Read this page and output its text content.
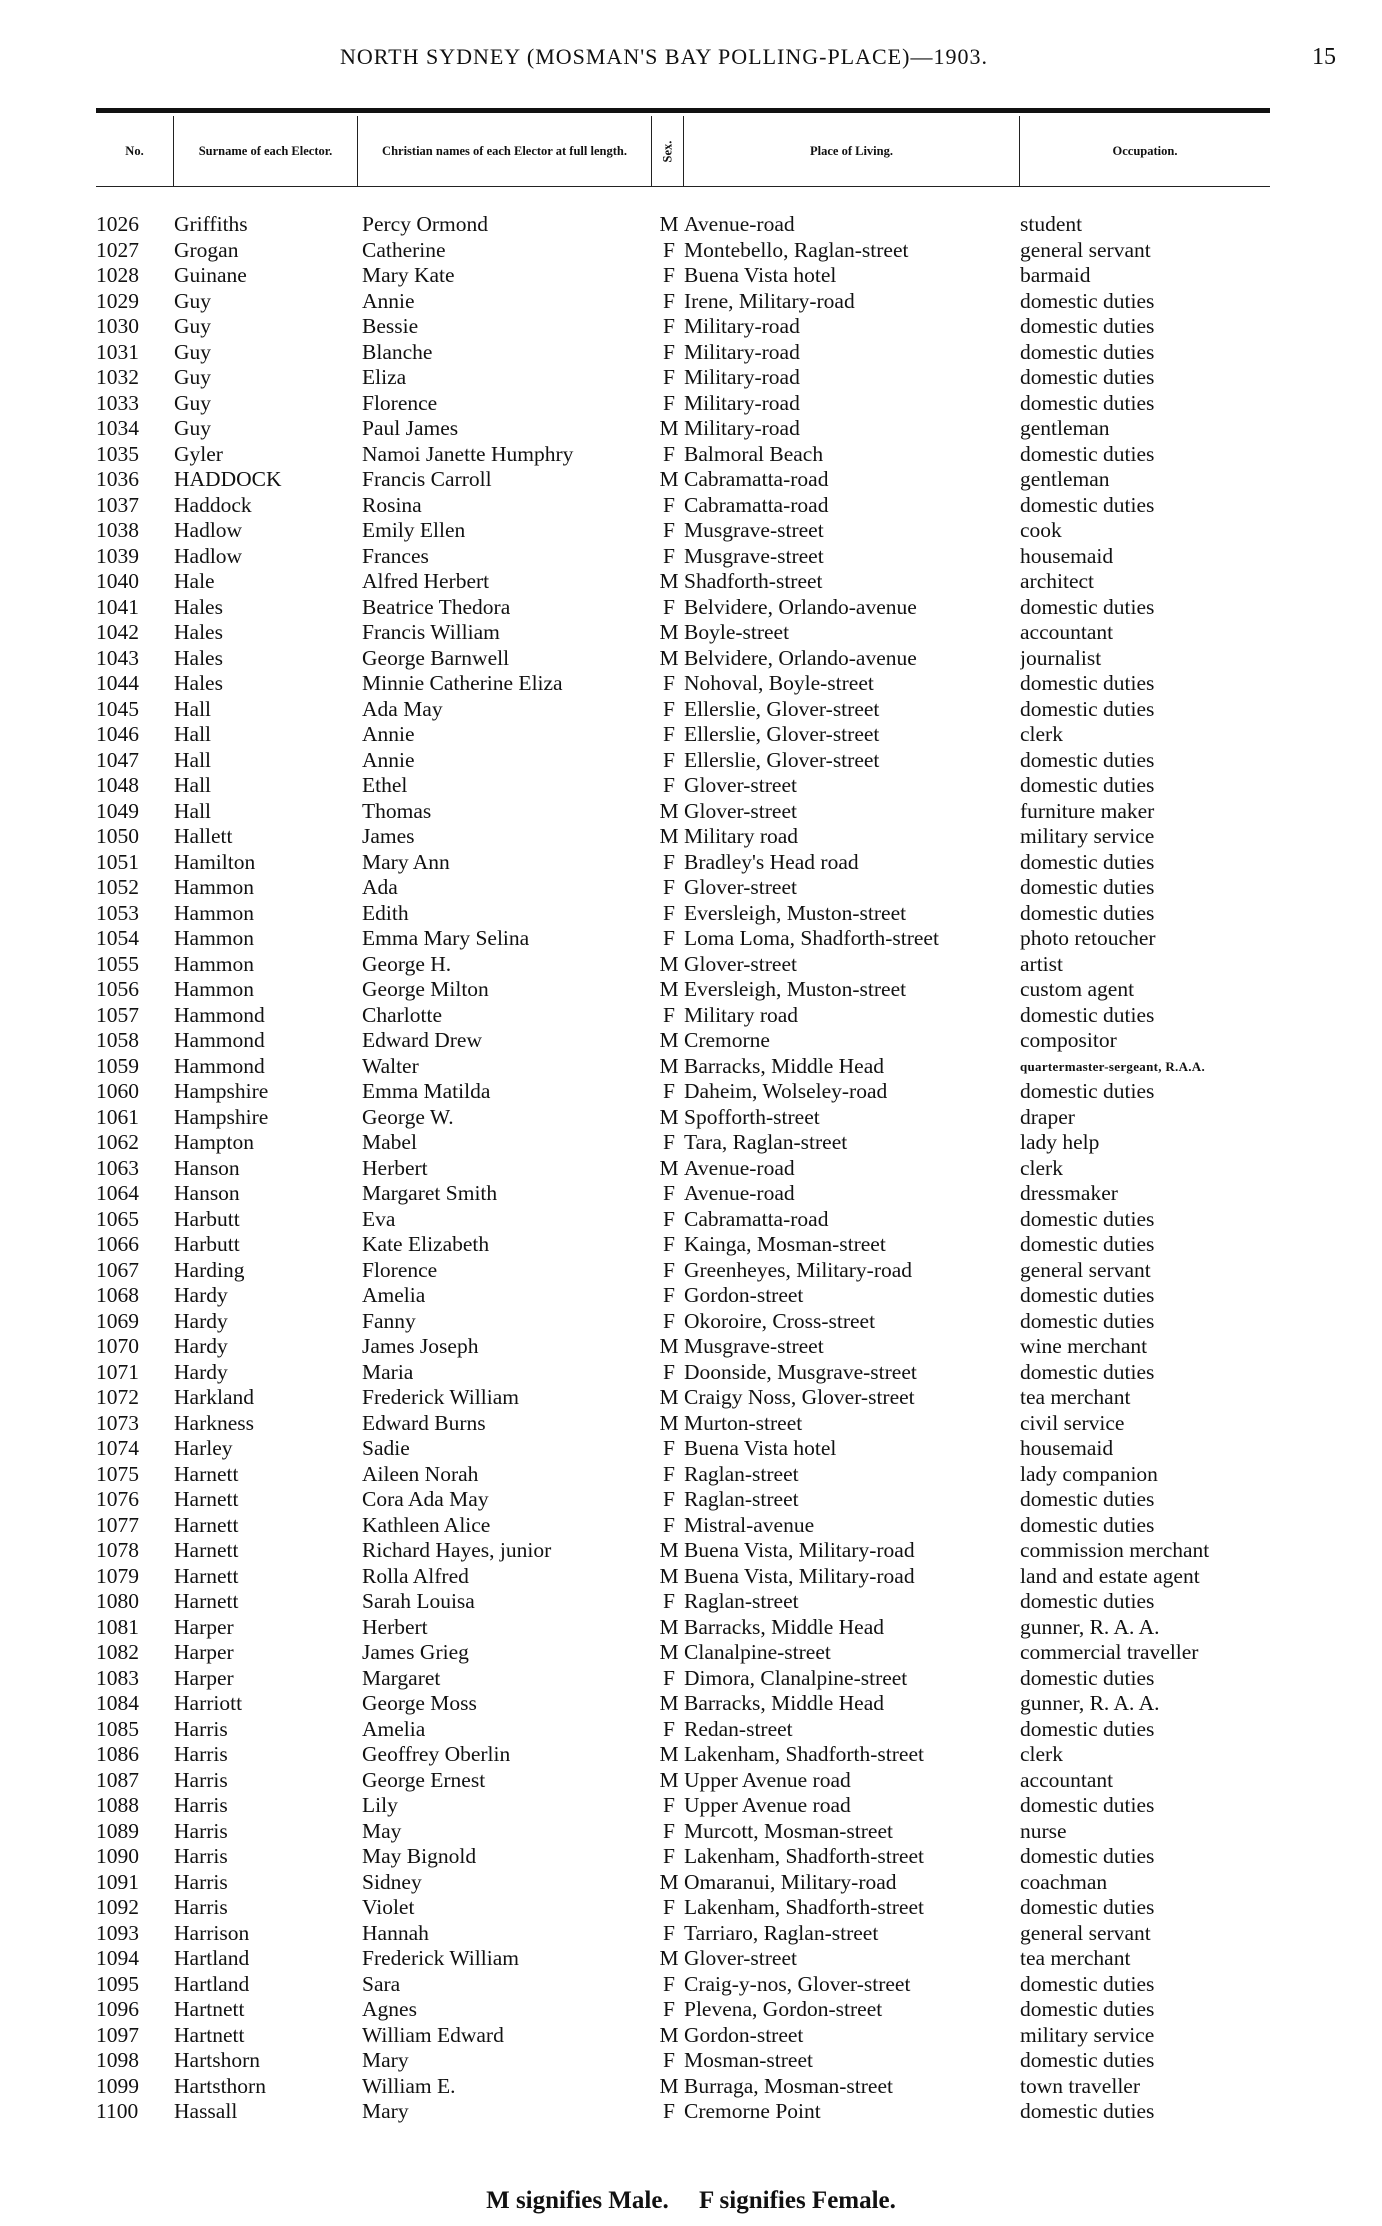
NORTH SYDNEY (MOSMAN'S BAY POLLING-PLACE)—1903.	15
No.	Surname of each Elector.	Christian names of each Elector at full length.	Sex.	Place of Living.	Occupation.
1026	Griffiths	Percy Ormond	M Avenue-road	student
1027	Grogan	Catherine	F Montebello, Raglan-street	general servant
1028	Guinane	Mary Kate	F Buena Vista hotel	barmaid
1029	Guy	Annie	F Irene, Military-road	domestic duties
1030	Guy	Bessie	F Military-road	domestic duties
1031	Guy	Blanche	F Military-road	domestic duties
1032	Guy	Eliza	F Military-road	domestic duties
1033	Guy	Florence	F Military-road	domestic duties
1034	Guy	Paul James	M Military-road	gentleman
1035	Gyler	Namoi Janette Humphry	F Balmoral Beach	domestic duties
1036	HADDOCK	Francis Carroll	M Cabramatta-road	gentleman
1037	Haddock	Rosina	F Cabramatta-road	domestic duties
1038	Hadlow	Emily Ellen	F Musgrave-street	cook
1039	Hadlow	Frances	F Musgrave-street	housemaid
1040	Hale	Alfred Herbert	M Shadforth-street	architect
1041	Hales	Beatrice Thedora	F Belvidere, Orlando-avenue	domestic duties
1042	Hales	Francis William	M Boyle-street	accountant
1043	Hales	George Barnwell	M Belvidere, Orlando-avenue	journalist
1044	Hales	Minnie Catherine Eliza	F Nohoval, Boyle-street	domestic duties
1045	Hall	Ada May	F Ellerslie, Glover-street	domestic duties
1046	Hall	Annie	F Ellerslie, Glover-street	clerk
1047	Hall	Annie	F Ellerslie, Glover-street	domestic duties
1048	Hall	Ethel	F Glover-street	domestic duties
1049	Hall	Thomas	M Glover-street	furniture maker
1050	Hallett	James	M Military road	military service
1051	Hamilton	Mary Ann	F Bradley's Head road	domestic duties
1052	Hammon	Ada	F Glover-street	domestic duties
1053	Hammon	Edith	F Eversleigh, Muston-street	domestic duties
1054	Hammon	Emma Mary Selina	F Loma Loma, Shadforth-street	photo retoucher
1055	Hammon	George H.	M Glover-street	artist
1056	Hammon	George Milton	M Eversleigh, Muston-street	custom agent
1057	Hammond	Charlotte	F Military road	domestic duties
1058	Hammond	Edward Drew	M Cremorne	compositor
1059	Hammond	Walter	M Barracks, Middle Head	quartermaster-sergeant, R.A.A.
1060	Hampshire	Emma Matilda	F Daheim, Wolseley-road	domestic duties
1061	Hampshire	George W.	M Spofforth-street	draper
1062	Hampton	Mabel	F Tara, Raglan-street	lady help
1063	Hanson	Herbert	M Avenue-road	clerk
1064	Hanson	Margaret Smith	F Avenue-road	dressmaker
1065	Harbutt	Eva	F Cabramatta-road	domestic duties
1066	Harbutt	Kate Elizabeth	F Kainga, Mosman-street	domestic duties
1067	Harding	Florence	F Greenheyes, Military-road	general servant
1068	Hardy	Amelia	F Gordon-street	domestic duties
1069	Hardy	Fanny	F Okoroire, Cross-street	domestic duties
1070	Hardy	James Joseph	M Musgrave-street	wine merchant
1071	Hardy	Maria	F Doonside, Musgrave-street	domestic duties
1072	Harkland	Frederick William	M Craigy Noss, Glover-street	tea merchant
1073	Harkness	Edward Burns	M Murton-street	civil service
1074	Harley	Sadie	F Buena Vista hotel	housemaid
1075	Harnett	Aileen Norah	F Raglan-street	lady companion
1076	Harnett	Cora Ada May	F Raglan-street	domestic duties
1077	Harnett	Kathleen Alice	F Mistral-avenue	domestic duties
1078	Harnett	Richard Hayes, junior	M Buena Vista, Military-road	commission merchant
1079	Harnett	Rolla Alfred	M Buena Vista, Military-road	land and estate agent
1080	Harnett	Sarah Louisa	F Raglan-street	domestic duties
1081	Harper	Herbert	M Barracks, Middle Head	gunner, R. A. A.
1082	Harper	James Grieg	M Clanalpine-street	commercial traveller
1083	Harper	Margaret	F Dimora, Clanalpine-street	domestic duties
1084	Harriott	George Moss	M Barracks, Middle Head	gunner, R. A. A.
1085	Harris	Amelia	F Redan-street	domestic duties
1086	Harris	Geoffrey Oberlin	M Lakenham, Shadforth-street	clerk
1087	Harris	George Ernest	M Upper Avenue road	accountant
1088	Harris	Lily	F Upper Avenue road	domestic duties
1089	Harris	May	F Murcott, Mosman-street	nurse
1090	Harris	May Bignold	F Lakenham, Shadforth-street	domestic duties
1091	Harris	Sidney	M Omaranui, Military-road	coachman
1092	Harris	Violet	F Lakenham, Shadforth-street	domestic duties
1093	Harrison	Hannah	F Tarriaro, Raglan-street	general servant
1094	Hartland	Frederick William	M Glover-street	tea merchant
1095	Hartland	Sara	F Craig-y-nos, Glover-street	domestic duties
1096	Hartnett	Agnes	F Plevena, Gordon-street	domestic duties
1097	Hartnett	William Edward	M Gordon-street	military service
1098	Hartshorn	Mary	F Mosman-street	domestic duties
1099	Hartsthorn	William E.	M Burraga, Mosman-street	town traveller
1100	Hassall	Mary	F Cremorne Point	domestic duties
M signifies Male. F signifies Female.
